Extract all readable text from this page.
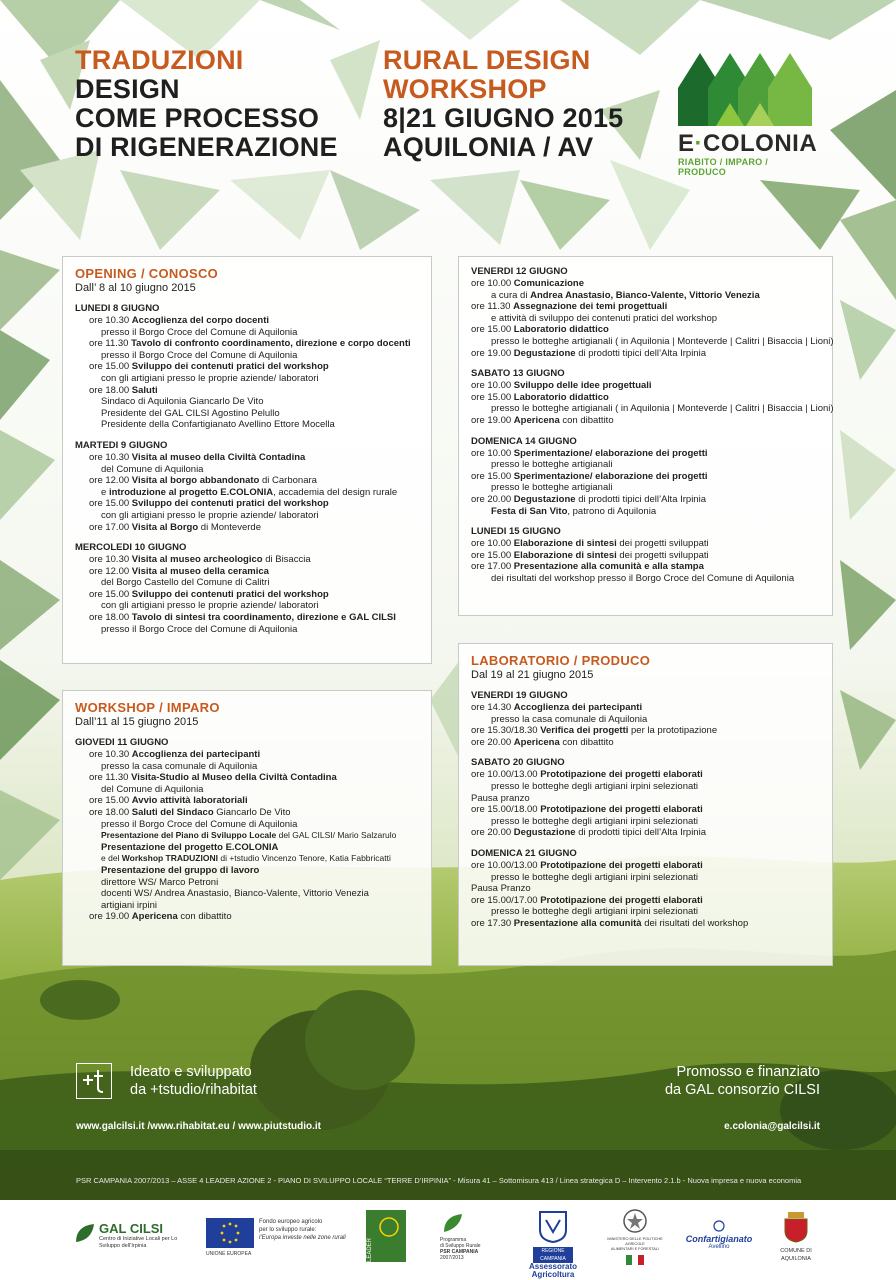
TRADUZIONI
DESIGN
COME PROCESSO
DI RIGENERAZIONE
RURAL DESIGN
WORKSHOP
8|21 GIUGNO 2015
AQUILONIA / AV	E·COLONIA
RIABITO / IMPARO / PRODUCO
OPENING / CONOSCO
Dall’ 8 al 10 giugno 2015
LUNEDI 8 GIUGNO
ore 10.30 Accoglienza del corpo docenti
presso il Borgo Croce del Comune di Aquilonia
ore 11.30 Tavolo di confronto coordinamento, direzione e corpo docenti
presso il Borgo Croce del Comune di Aquilonia
ore 15.00 Sviluppo dei contenuti pratici del workshop
con gli artigiani presso le proprie aziende/ laboratori
ore 18.00 Saluti
Sindaco di Aquilonia Giancarlo De Vito
Presidente del GAL CILSI Agostino Pelullo
Presidente della Confartigianato Avellino Ettore Mocella
MARTEDI 9 GIUGNO
ore 10.30 Visita al museo della Civiltà Contadina
del Comune di Aquilonia
ore 12.00 Visita al borgo abbandonato di Carbonara
e introduzione al progetto E.COLONIA, accademia del design rurale
ore 15.00 Sviluppo dei contenuti pratici del workshop
con gli artigiani presso le proprie aziende/ laboratori
ore 17.00 Visita al Borgo di Monteverde
MERCOLEDI 10 GIUGNO
ore 10.30 Visita al museo archeologico di Bisaccia
ore 12.00 Visita al museo della ceramica
del Borgo Castello del Comune di Calitri
ore 15.00 Sviluppo dei contenuti pratici del workshop
con gli artigiani presso le proprie aziende/ laboratori
ore 18.00 Tavolo di sintesi tra coordinamento, direzione e GAL CILSI
presso il Borgo Croce del Comune di Aquilonia
VENERDI 12 GIUGNO
ore 10.00 Comunicazione
a cura di Andrea Anastasio, Bianco-Valente, Vittorio Venezia
ore 11.30 Assegnazione dei temi progettuali
e attività di sviluppo dei contenuti pratici del workshop
ore 15.00 Laboratorio didattico
presso le botteghe artigianali ( in Aquilonia | Monteverde | Calitri | Bisaccia | Lioni)
ore 19.00 Degustazione di prodotti tipici dell’Alta Irpinia
SABATO 13 GIUGNO
ore 10.00 Sviluppo delle idee progettuali
ore 15.00 Laboratorio didattico
presso le botteghe artigianali ( in Aquilonia | Monteverde | Calitri | Bisaccia | Lioni)
ore 19.00 Apericena con dibattito
DOMENICA 14 GIUGNO
ore 10.00 Sperimentazione/ elaborazione dei progetti
presso le botteghe artigianali
ore 15.00 Sperimentazione/ elaborazione dei progetti
presso le botteghe artigianali
ore 20.00 Degustazione di prodotti tipici dell’Alta Irpinia
Festa di San Vito, patrono di Aquilonia
LUNEDI 15 GIUGNO
ore 10.00 Elaborazione di sintesi dei progetti sviluppati
ore 15.00 Elaborazione di sintesi dei progetti sviluppati
ore 17.00 Presentazione alla comunità e alla stampa
dei risultati del workshop presso il Borgo Croce del Comune di Aquilonia
WORKSHOP / IMPARO
Dall’11 al 15 giugno 2015
GIOVEDI 11 GIUGNO
ore 10.30 Accoglienza dei partecipanti
presso la casa comunale di Aquilonia
ore 11.30 Visita-Studio al Museo della Civiltà Contadina
del Comune di Aquilonia
ore 15.00 Avvio attività laboratoriali
ore 18.00 Saluti del Sindaco Giancarlo De Vito
presso il Borgo Croce del Comune di Aquilonia
Presentazione del Piano di Sviluppo Locale del GAL CILSI/ Mario Salzarulo
Presentazione del progetto E.COLONIA
e del Workshop TRADUZIONI di +tstudio Vincenzo Tenore, Katia Fabbricatti
Presentazione del gruppo di lavoro
direttore WS/ Marco Petroni
docenti WS/ Andrea Anastasio, Bianco-Valente, Vittorio Venezia
artigiani irpini
ore 19.00 Apericena con dibattito
LABORATORIO / PRODUCO
Dal 19 al 21 giugno 2015
VENERDI 19 GIUGNO
ore 14.30 Accoglienza dei partecipanti
presso la casa comunale di Aquilonia
ore 15.30/18.30 Verifica dei progetti per la prototipazione
ore 20.00 Apericena con dibattito
SABATO 20 GIUGNO
ore 10.00/13.00 Prototipazione dei progetti elaborati
presso le botteghe degli artigiani irpini selezionati
Pausa pranzo
ore 15.00/18.00 Prototipazione dei progetti elaborati
presso le botteghe degli artigiani irpini selezionati
ore 20.00 Degustazione di prodotti tipici dell’Alta Irpinia
DOMENICA 21 GIUGNO
ore 10.00/13.00 Prototipazione dei progetti elaborati
presso le botteghe degli artigiani irpini selezionati
Pausa Pranzo
ore 15.00/17.00 Prototipazione dei progetti elaborati
presso le botteghe degli artigiani irpini selezionati
ore 17.30 Presentazione alla comunità dei risultati del workshop
Ideato e sviluppato
da +tstudio/rihabitat
Promosso e finanziato
da GAL consorzio CILSI
www.galcilsi.it /www.rihabitat.eu / www.piutstudio.it	e.colonia@galcilsi.it
PSR CAMPANIA 2007/2013 – ASSE 4 LEADER AZIONE 2 - PIANO DI SVILUPPO LOCALE “TERRE D’IRPINIA” - Misura 41 – Sottomisura 413 / Linea strategica D – Intervento 2.1.b - Nuova impresa e nuova economia
GAL CILSI
Centro di Iniziative Locali per Lo Sviluppo dell’Irpinia
Fondo europeo agricolo
per lo sviluppo rurale:
l’Europa investe nelle zone rurali
UNIONE EUROPEA	LEADER	Programma
di Sviluppo Rurale
PSR CAMPANIA
2007/2013
REGIONE CAMPANIA
Assessorato Agricoltura
MINISTERO DELLE POLITICHE AGRICOLE
ALIMENTARI E FORESTALI
Confartigianato
Avellino
COMUNE DI AQUILONIA
